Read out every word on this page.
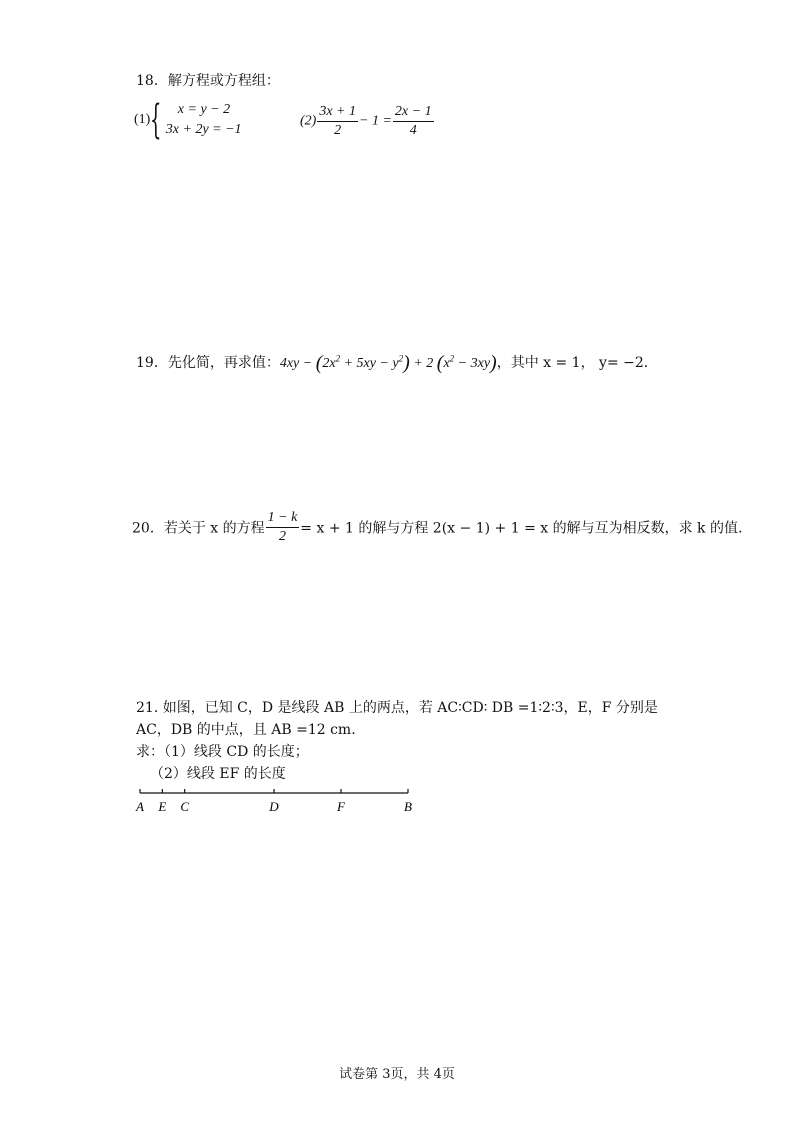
18．解方程或方程组：
(1){	x = y − 2
3x + 2y = −1
$(2) \frac{3x + 1}{2} - 1 = \frac{2x - 1}{4}$
19．先化简，再求值：$4xy - (2x^2 + 5xy - y^2) + 2$ $(x^2 - 3xy)$，其中 x = 1， y= −2．
20．若关于 x 的方程 $\frac{1 - k}{2} = x + 1$ 的解与方程 2(x − 1) + 1 = x 的解与互为相反数，求 k 的值.
21. 如图，已知 C，D 是线段 AB 上的两点，若 AC∶CD∶ DB =1∶2∶3，E，F 分别是
AC，DB 的中点，且 AB =12 cm.
求：（1）线段 CD 的长度；
（2）线段 EF 的长度
A E C	D	F	B
试卷第 3页，共 4页
